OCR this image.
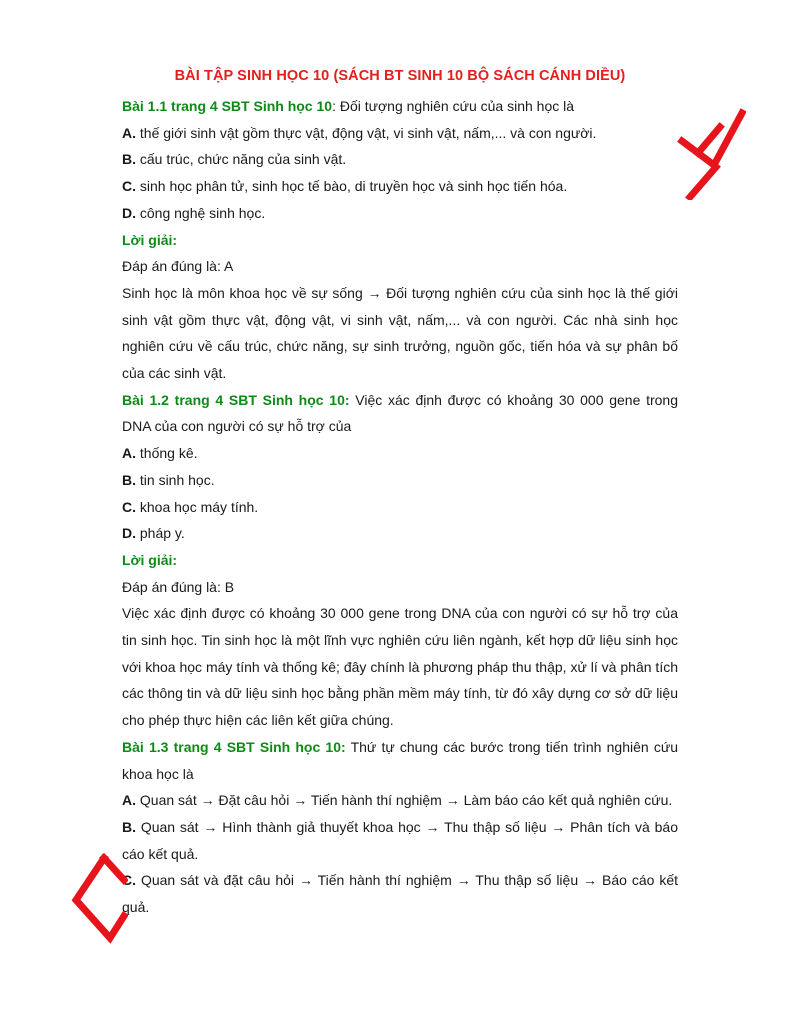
BÀI TẬP SINH HỌC 10 (SÁCH BT SINH 10 BỘ SÁCH CÁNH DIỀU)

Bài 1.1 trang 4 SBT Sinh học 10: Đối tượng nghiên cứu của sinh học là

A. thế giới sinh vật gồm thực vật, động vật, vi sinh vật, nấm,... và con người.

B. cấu trúc, chức năng của sinh vật.

C. sinh học phân tử, sinh học tế bào, di truyền học và sinh học tiến hóa.

D. công nghệ sinh học.

Lời giải:

Đáp án đúng là: A

Sinh học là môn khoa học về sự sống → Đối tượng nghiên cứu của sinh học là thế giới sinh vật gồm thực vật, động vật, vi sinh vật, nấm,... và con người. Các nhà sinh học nghiên cứu về cấu trúc, chức năng, sự sinh trưởng, nguồn gốc, tiến hóa và sự phân bố của các sinh vật.

Bài 1.2 trang 4 SBT Sinh học 10: Việc xác định được có khoảng 30 000 gene trong DNA của con người có sự hỗ trợ của

A. thống kê.

B. tin sinh học.

C. khoa học máy tính.

D. pháp y.

Lời giải:

Đáp án đúng là: B

Việc xác định được có khoảng 30 000 gene trong DNA của con người có sự hỗ trợ của tin sinh học. Tin sinh học là một lĩnh vực nghiên cứu liên ngành, kết hợp dữ liệu sinh học với khoa học máy tính và thống kê; đây chính là phương pháp thu thập, xử lí và phân tích các thông tin và dữ liệu sinh học bằng phần mềm máy tính, từ đó xây dựng cơ sở dữ liệu cho phép thực hiện các liên kết giữa chúng.

Bài 1.3 trang 4 SBT Sinh học 10: Thứ tự chung các bước trong tiến trình nghiên cứu khoa học là

A. Quan sát → Đặt câu hỏi → Tiến hành thí nghiệm → Làm báo cáo kết quả nghiên cứu.

B. Quan sát → Hình thành giả thuyết khoa học → Thu thập số liệu → Phân tích và báo cáo kết quả.

C. Quan sát và đặt câu hỏi → Tiến hành thí nghiệm → Thu thập số liệu → Báo cáo kết quả.
